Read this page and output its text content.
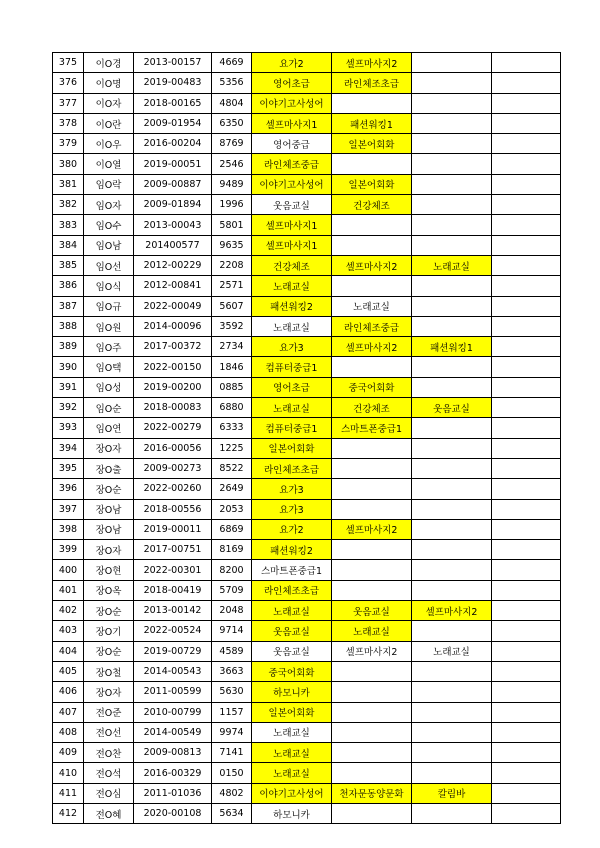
375	이O경	2013-00157	4669	요가2	셀프마사지2		
376	이O명	2019-00483	5356	영어초급	라인체조초급		
377	이O자	2018-00165	4804	이야기고사성어			
378	이O란	2009-01954	6350	셀프마사지1	패션워킹1		
379	이O우	2016-00204	8769	영어중급	일본어회화		
380	이O열	2019-00051	2546	라인체조중급			
381	임O락	2009-00887	9489	이야기고사성어	일본어회화		
382	임O자	2009-01894	1996	웃음교실	건강체조		
383	임O수	2013-00043	5801	셀프마사지1			
384	임O남	201400577	9635	셀프마사지1			
385	임O선	2012-00229	2208	건강체조	셀프마사지2	노래교실	
386	임O식	2012-00841	2571	노래교실			
387	임O규	2022-00049	5607	패션워킹2	노래교실		
388	임O원	2014-00096	3592	노래교실	라인체조중급		
389	임O주	2017-00372	2734	요가3	셀프마사지2	패션워킹1	
390	임O택	2022-00150	1846	컴퓨터중급1			
391	임O성	2019-00200	0885	영어초급	중국어회화		
392	임O순	2018-00083	6880	노래교실	건강체조	웃음교실	
393	임O연	2022-00279	6333	컴퓨터중급1	스마트폰중급1		
394	장O자	2016-00056	1225	일본어회화			
395	장O출	2009-00273	8522	라인체조초급			
396	장O순	2022-00260	2649	요가3			
397	장O남	2018-00556	2053	요가3			
398	장O남	2019-00011	6869	요가2	셀프마사지2		
399	장O자	2017-00751	8169	패션워킹2			
400	장O현	2022-00301	8200	스마트폰중급1			
401	장O옥	2018-00419	5709	라인체조초급			
402	장O순	2013-00142	2048	노래교실	웃음교실	셀프마사지2	
403	장O기	2022-00524	9714	웃음교실	노래교실		
404	장O순	2019-00729	4589	웃음교실	셀프마사지2	노래교실	
405	장O철	2014-00543	3663	중국어회화			
406	장O자	2011-00599	5630	하모니카			
407	전O준	2010-00799	1157	일본어회화			
408	전O선	2014-00549	9974	노래교실			
409	전O찬	2009-00813	7141	노래교실			
410	전O석	2016-00329	0150	노래교실			
411	전O심	2011-01036	4802	이야기고사성어	천자문동양문화	칼림바	
412	전O혜	2020-00108	5634	하모니카			
